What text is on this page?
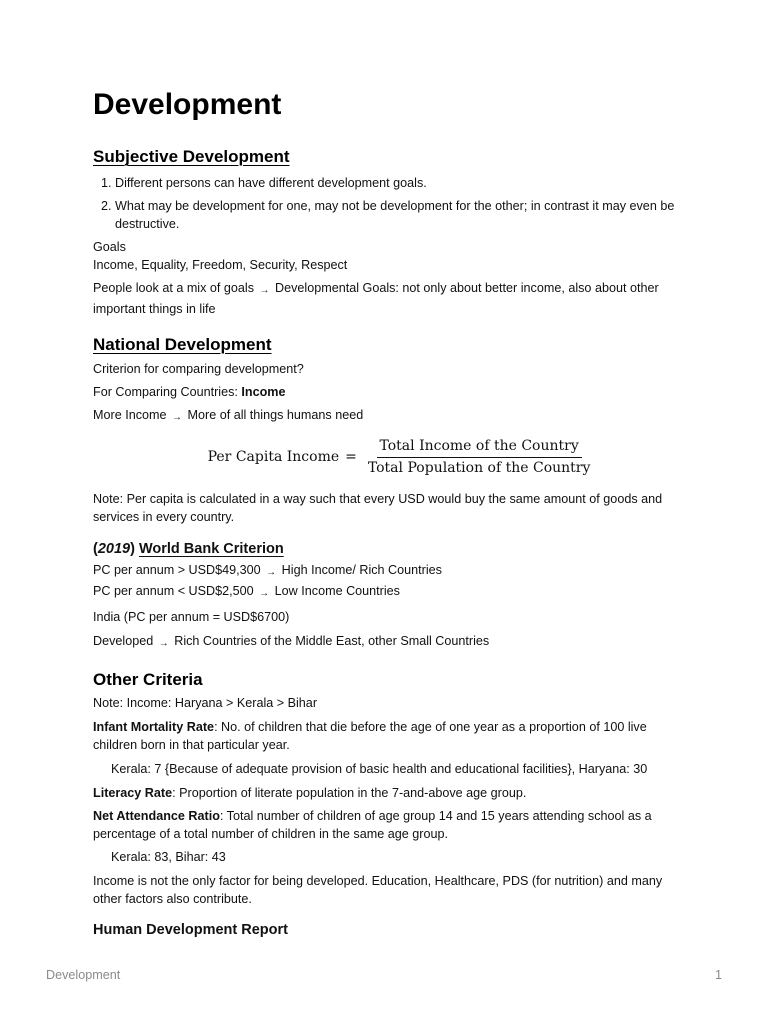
Development
Subjective Development
1. Different persons can have different development goals.
2. What may be development for one, may not be development for the other; in contrast it may even be destructive.

Goals

Income, Equality, Freedom, Security, Respect

People look at a mix of goals → Developmental Goals: not only about better income, also about other important things in life

National Development

Criterion for comparing development?

For Comparing Countries: Income

More Income → More of all things humans need

Per Capita Income = $\frac{\text{Total Income of the Country}}{\text{Total Population of the Country}}$

Note: Per capita is calculated in a way such that every USD would buy the same amount of goods and services in every country.

(2019) World Bank Criterion

PC per annum > USD$49,300 → High Income/ Rich Countries

PC per annum < USD$2,500 → Low Income Countries

India (PC per annum = USD$6700)

Developed → Rich Countries of the Middle East, other Small Countries

Other Criteria

Note: Income: Haryana > Kerala > Bihar

Infant Mortality Rate: No. of children that die before the age of one year as a proportion of 100 live children born in that particular year.

Kerala: 7 {Because of adequate provision of basic health and educational facilities}, Haryana: 30

Literacy Rate: Proportion of literate population in the 7-and-above age group.

Net Attendance Ratio: Total number of children of age group 14 and 15 years attending school as a percentage of a total number of children in the same age group.

Kerala: 83, Bihar: 43

Income is not the only factor for being developed. Education, Healthcare, PDS (for nutrition) and many other factors also contribute.

Human Development Report

Development	1
